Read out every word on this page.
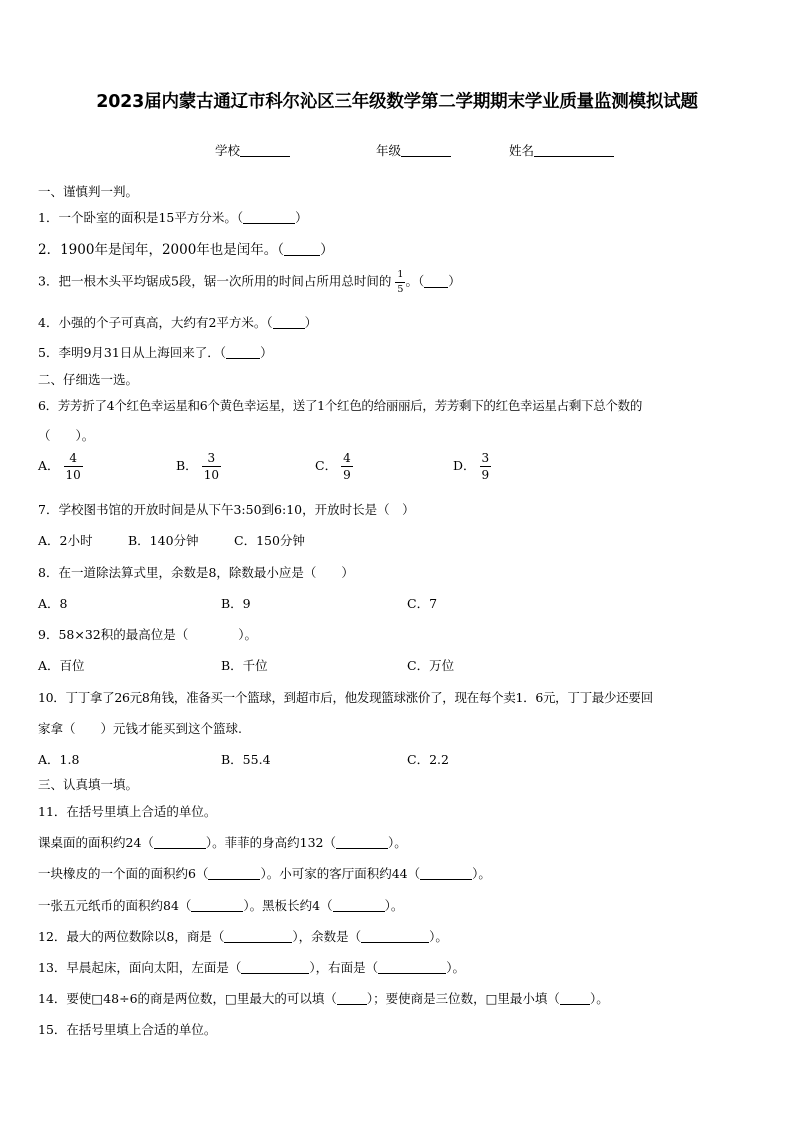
2023届内蒙古通辽市科尔沁区三年级数学第二学期期末学业质量监测模拟试题
学校	年级	姓名
一、谨慎判一判。
1．一个卧室的面积是15平方分米。（	）
2．1900年是闰年，2000年也是闰年。（	）
3．把一根木头平均锯成5段，锯一次所用的时间占所用总时间的 $\frac{1}{5}$ 。（ ）
4．小强的个子可真高，大约有2平方米。（	）
5．李明9月31日从上海回来了．（	）
二、仔细选一选。
6．芳芳折了4个红色幸运星和6个黄色幸运星，送了1个红色的给丽丽后，芳芳剩下的红色幸运星占剩下总个数的
（　　）。
A． $\frac{4}{10}$	B． $\frac{3}{10}$	C． $\frac{4}{9}$	D． $\frac{3}{9}$
7．学校图书馆的开放时间是从下午3:50到6:10，开放时长是（　）
A．2小时	B．140分钟	C．150分钟
8．在一道除法算式里，余数是8，除数最小应是（　　）
A．8	B．9	C．7
9．58×32积的最高位是（　　　　）。
A．百位	B．千位	C．万位
10．丁丁拿了26元8角钱，准备买一个篮球，到超市后，他发现篮球涨价了，现在每个卖1．6元，丁丁最少还要回
家拿（　　）元钱才能买到这个篮球.
A．1.8	B．55.4	C．2.2
三、认真填一填。
11．在括号里填上合适的单位。
课桌面的面积约24（	）。菲菲的身高约132（	）。
一块橡皮的一个面的面积约6（	）。小可家的客厅面积约44（	）。
一张五元纸币的面积约84（	）。黑板长约4（	）。
12．最大的两位数除以8，商是（	），余数是（	）。
13．早晨起床，面向太阳，左面是（	），右面是（	）。
14．要使□48÷6的商是两位数，□里最大的可以填（ ）；要使商是三位数，□里最小填（ ）。
15．在括号里填上合适的单位。
